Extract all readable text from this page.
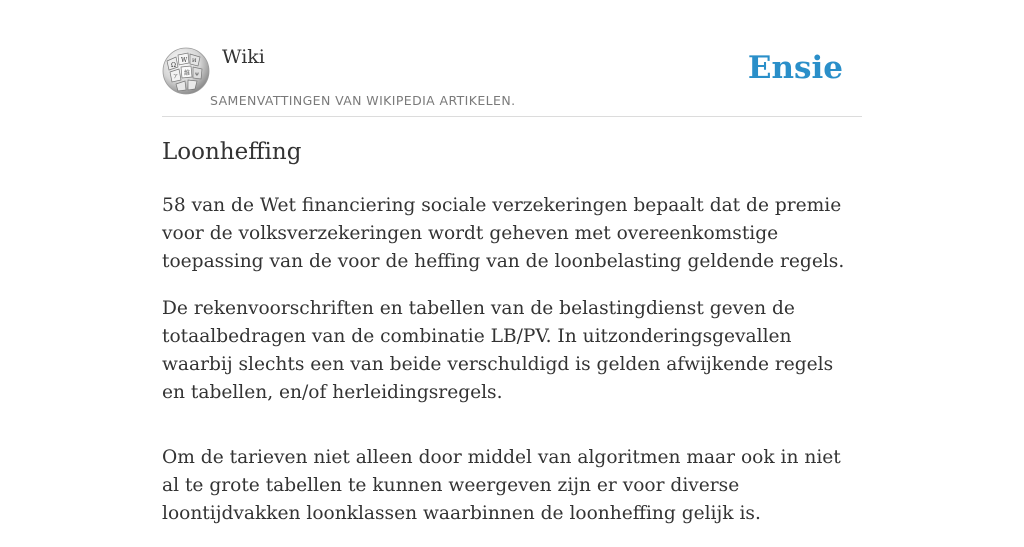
Ω
W И
維
ア	ψ
Wiki
SAMENVATTINGEN VAN WIKIPEDIA ARTIKELEN.
Ensie
Loonheffing

58 van de Wet financiering sociale verzekeringen bepaalt dat de premie voor de volksverzekeringen wordt geheven met overeenkomstige toepassing van de voor de heffing van de loonbelasting geldende regels.

De rekenvoorschriften en tabellen van de belastingdienst geven de totaalbedragen van de combinatie LB/PV. In uitzonderingsgevallen waarbij slechts een van beide verschuldigd is gelden afwijkende regels en tabellen, en/of herleidingsregels.

Om de tarieven niet alleen door middel van algoritmen maar ook in niet al te grote tabellen te kunnen weergeven zijn er voor diverse loontijdvakken loonklassen waarbinnen de loonheffing gelijk is.
